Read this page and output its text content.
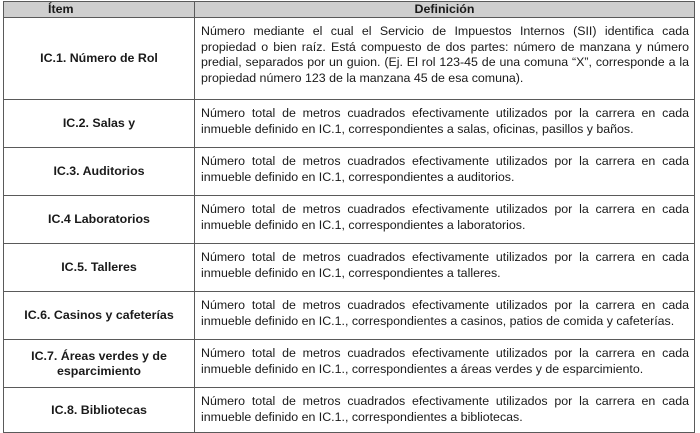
Ítem	Definición
IC.1. Número de Rol	Número mediante el cual el Servicio de Impuestos Internos (SII) identifica cada propiedad o bien raíz. Está compuesto de dos partes: número de manzana y número predial, separados por un guion. (Ej. El rol 123-45 de una comuna “X”, corresponde a la propiedad número 123 de la manzana 45 de esa comuna).
IC.2. Salas y	Número total de metros cuadrados efectivamente utilizados por la carrera en cada inmueble definido en IC.1, correspondientes a salas, oficinas, pasillos y baños.
IC.3. Auditorios	Número total de metros cuadrados efectivamente utilizados por la carrera en cada inmueble definido en IC.1, correspondientes a auditorios.
IC.4 Laboratorios	Número total de metros cuadrados efectivamente utilizados por la carrera en cada inmueble definido en IC.1, correspondientes a laboratorios.
IC.5. Talleres	Número total de metros cuadrados efectivamente utilizados por la carrera en cada inmueble definido en IC.1, correspondientes a talleres.
IC.6. Casinos y cafeterías	Número total de metros cuadrados efectivamente utilizados por la carrera en cada inmueble definido en IC.1., correspondientes a casinos, patios de comida y cafeterías.
IC.7. Áreas verdes y de esparcimiento	Número total de metros cuadrados efectivamente utilizados por la carrera en cada inmueble definido en IC.1., correspondientes a áreas verdes y de esparcimiento.
IC.8. Bibliotecas	Número total de metros cuadrados efectivamente utilizados por la carrera en cada inmueble definido en IC.1., correspondientes a bibliotecas.
